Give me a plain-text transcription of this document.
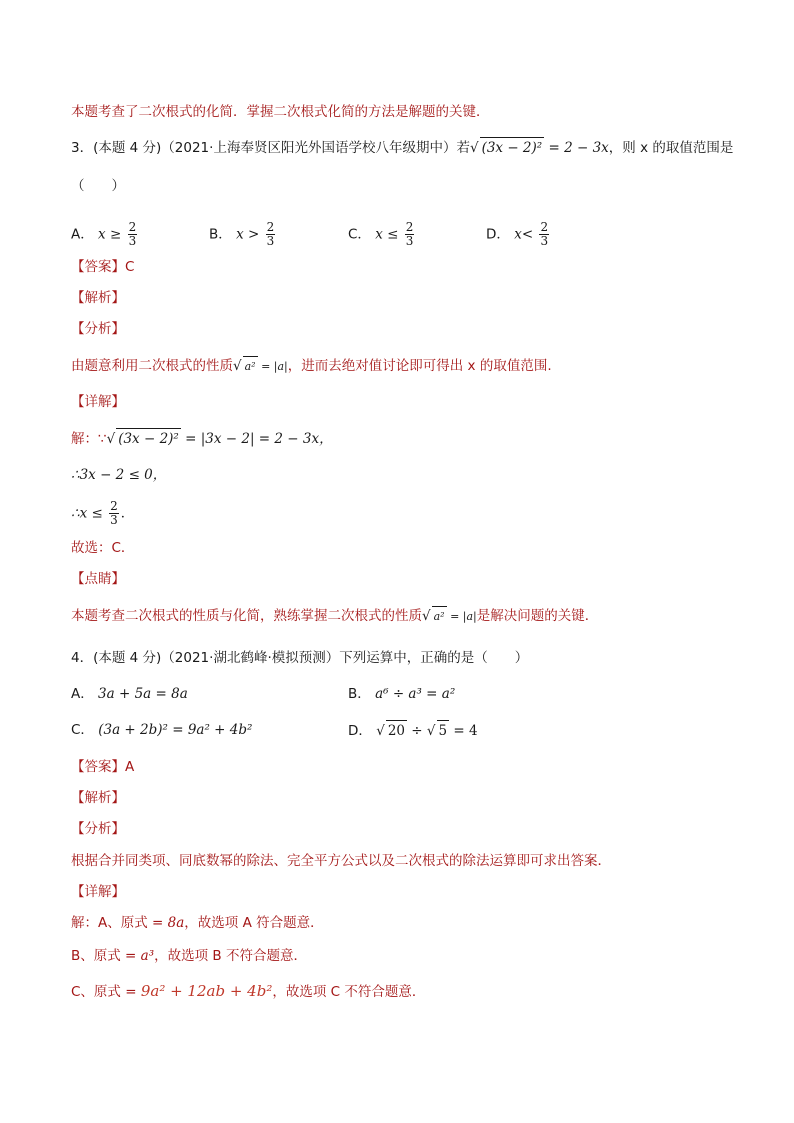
本题考查了二次根式的化简．掌握二次根式化简的方法是解题的关键．
3．(本题 4 分)（2021·上海奉贤区阳光外国语学校八年级期中）若√ (3x − 2)² = 2 − 3x，则 x 的取值范围是
（　　）
A． $x \ge \frac{2}{3}$	B． $x > \frac{2}{3}$	C． $x \le \frac{2}{3}$	D． $x< \frac{2}{3}$
【答案】C
【解析】
【分析】
由题意利用二次根式的性质√ a² = |a|，进而去绝对值讨论即可得出 x 的取值范围.
【详解】
解：∵√ (3x − 2)² = |3x − 2| = 2 − 3x，
∴3x − 2 ≤ 0，
∴x ≤ $\frac{2}{3}$ ．
故选：C．
【点睛】
本题考查二次根式的性质与化简，熟练掌握二次根式的性质√ a² = |a|是解决问题的关键．
4．(本题 4 分)（2021·湖北鹤峰·模拟预测）下列运算中，正确的是（　　）
A． 3a + 5a = 8a	B． a⁶ ÷ a³ = a²
C． (3a + 2b)² = 9a² + 4b²	D． √ 20 ÷ √ 5 = 4
【答案】A
【解析】
【分析】
根据合并同类项、同底数幂的除法、完全平方公式以及二次根式的除法运算即可求出答案．
【详解】
解：A、原式 = 8a，故选项 A 符合题意．
B、原式 = a³，故选项 B 不符合题意．
C、原式 = 9a² + 12ab + 4b²，故选项 C 不符合题意．
